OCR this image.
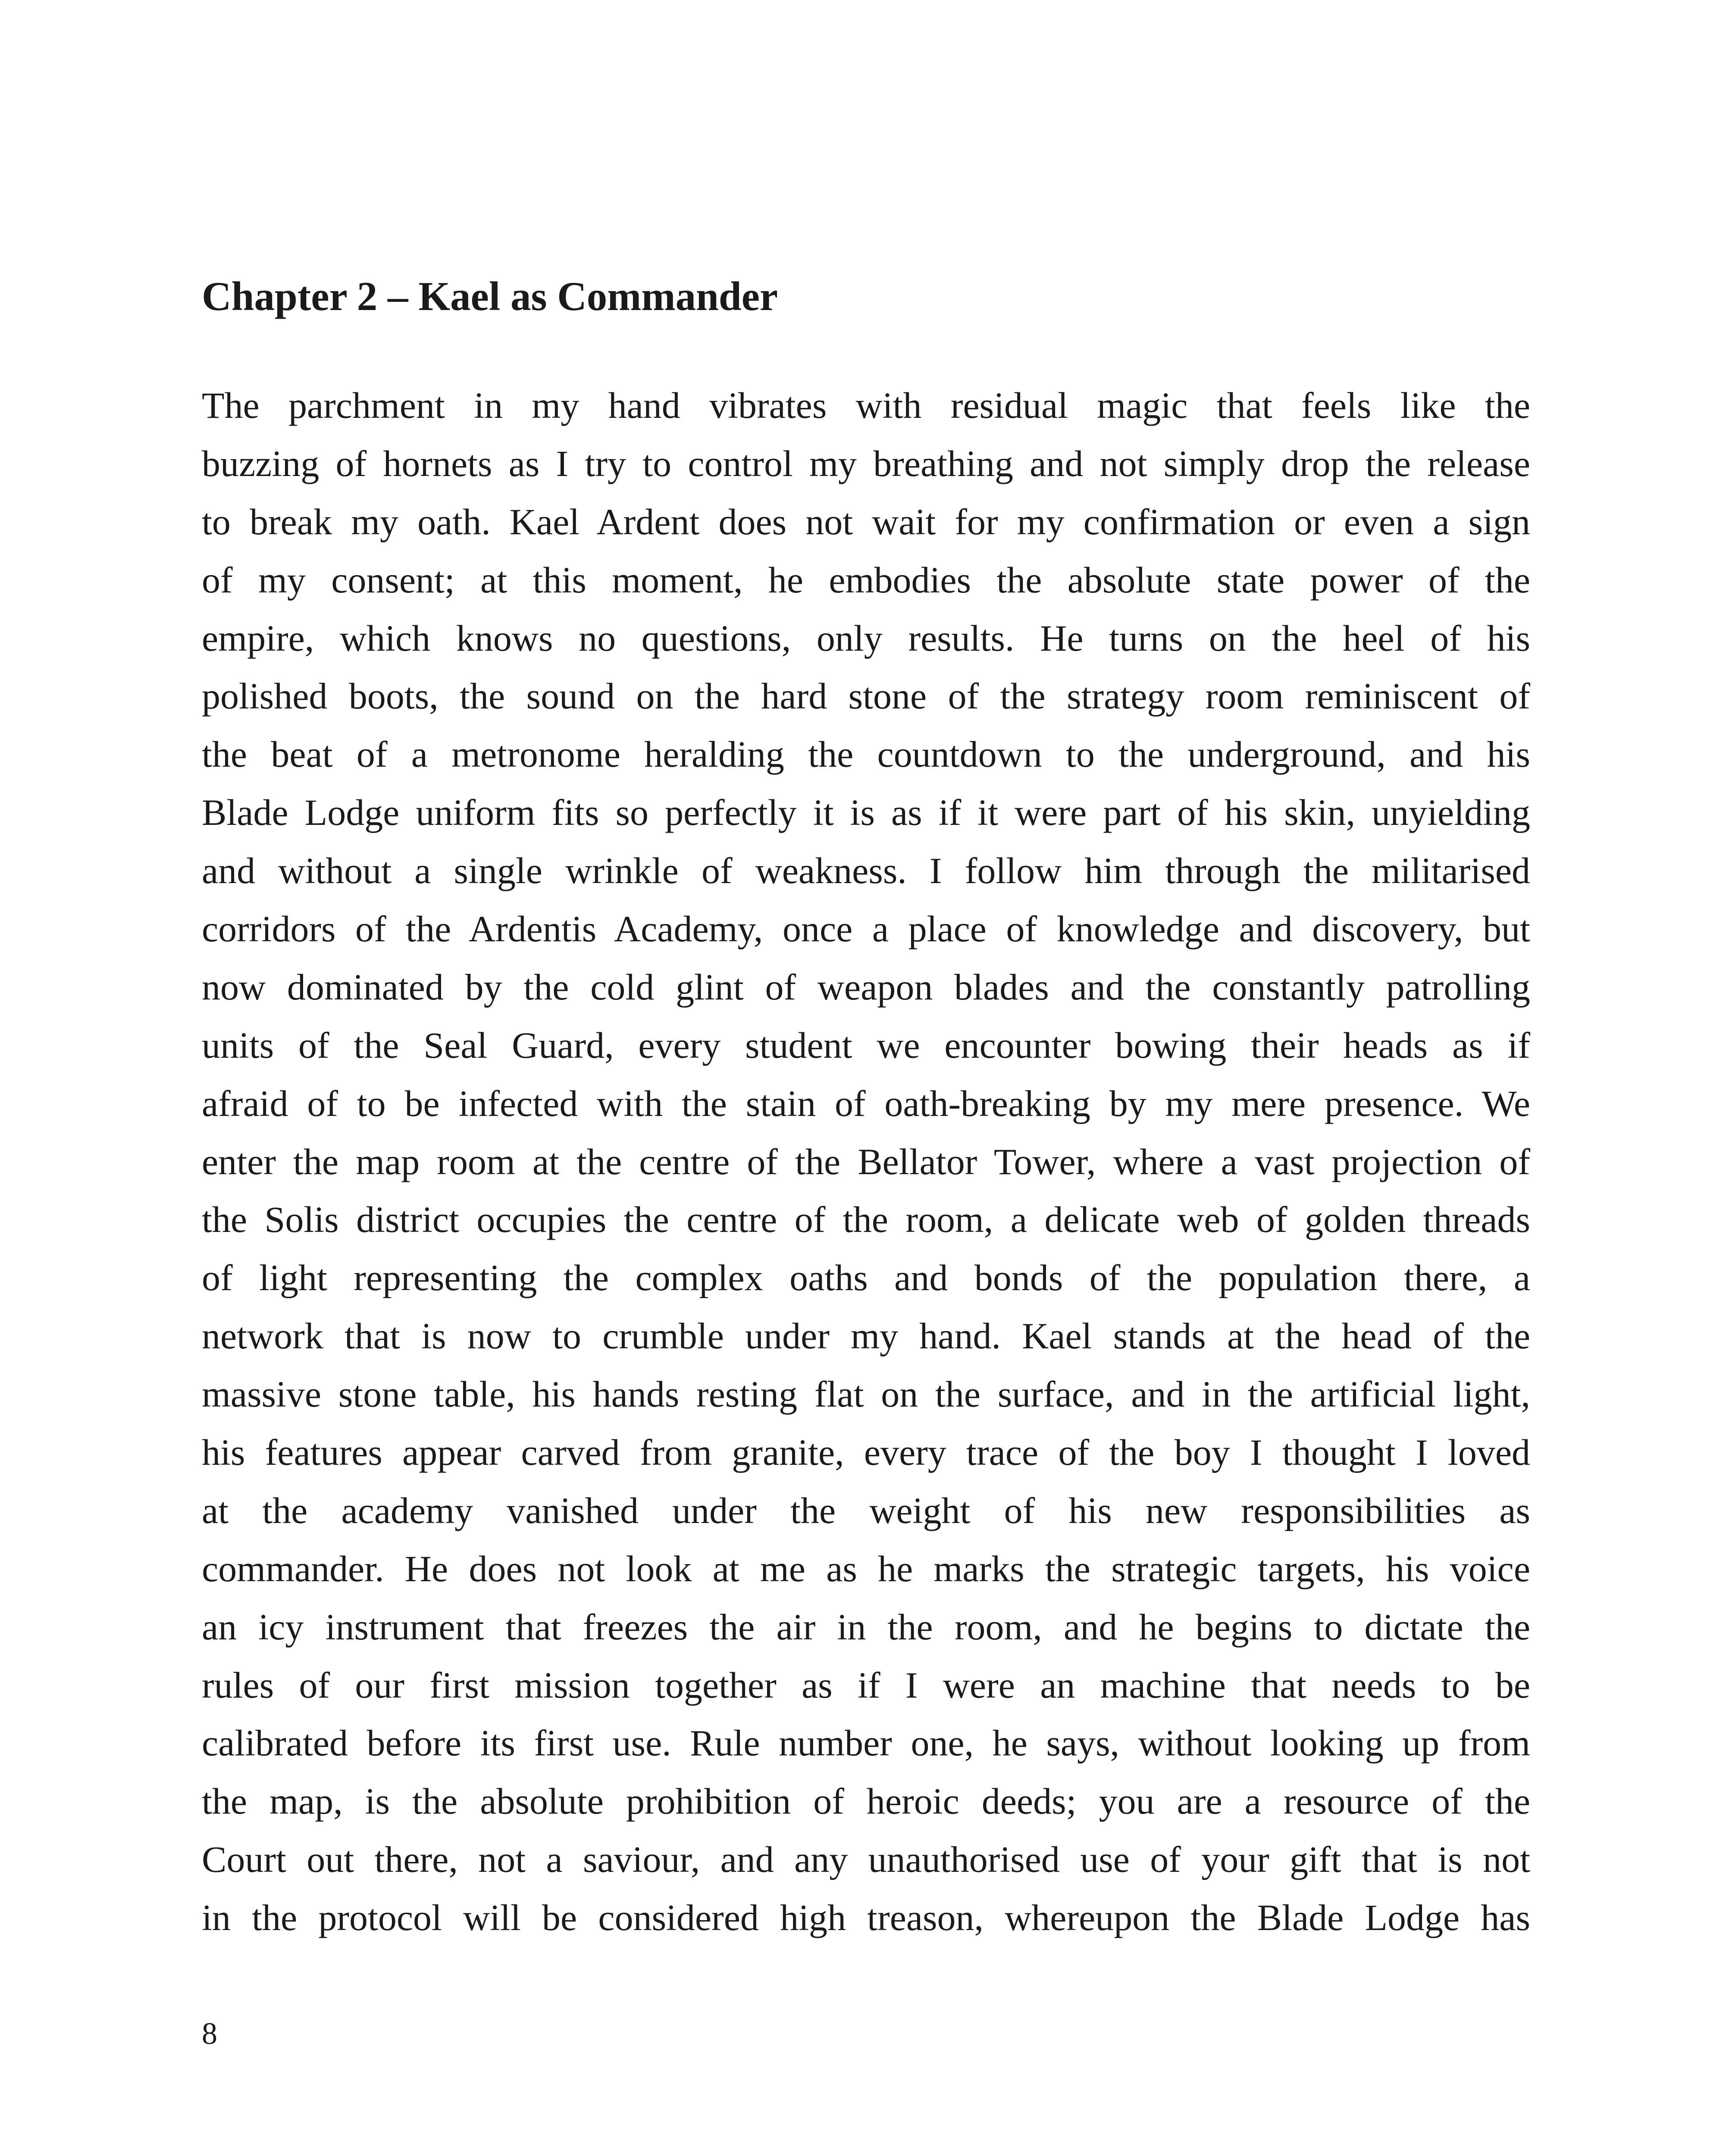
Chapter 2 – Kael as Commander
The parchment in my hand vibrates with residual magic that feels like the
buzzing of hornets as I try to control my breathing and not simply drop the release
to break my oath. Kael Ardent does not wait for my confirmation or even a sign
of my consent; at this moment, he embodies the absolute state power of the
empire, which knows no questions, only results. He turns on the heel of his
polished boots, the sound on the hard stone of the strategy room reminiscent of
the beat of a metronome heralding the countdown to the underground, and his
Blade Lodge uniform fits so perfectly it is as if it were part of his skin, unyielding
and without a single wrinkle of weakness. I follow him through the militarised
corridors of the Ardentis Academy, once a place of knowledge and discovery, but
now dominated by the cold glint of weapon blades and the constantly patrolling
units of the Seal Guard, every student we encounter bowing their heads as if
afraid of to be infected with the stain of oath-breaking by my mere presence. We
enter the map room at the centre of the Bellator Tower, where a vast projection of
the Solis district occupies the centre of the room, a delicate web of golden threads
of light representing the complex oaths and bonds of the population there, a
network that is now to crumble under my hand. Kael stands at the head of the
massive stone table, his hands resting flat on the surface, and in the artificial light,
his features appear carved from granite, every trace of the boy I thought I loved
at the academy vanished under the weight of his new responsibilities as
commander. He does not look at me as he marks the strategic targets, his voice
an icy instrument that freezes the air in the room, and he begins to dictate the
rules of our first mission together as if I were an machine that needs to be
calibrated before its first use. Rule number one, he says, without looking up from
the map, is the absolute prohibition of heroic deeds; you are a resource of the
Court out there, not a saviour, and any unauthorised use of your gift that is not
in the protocol will be considered high treason, whereupon the Blade Lodge has

8
